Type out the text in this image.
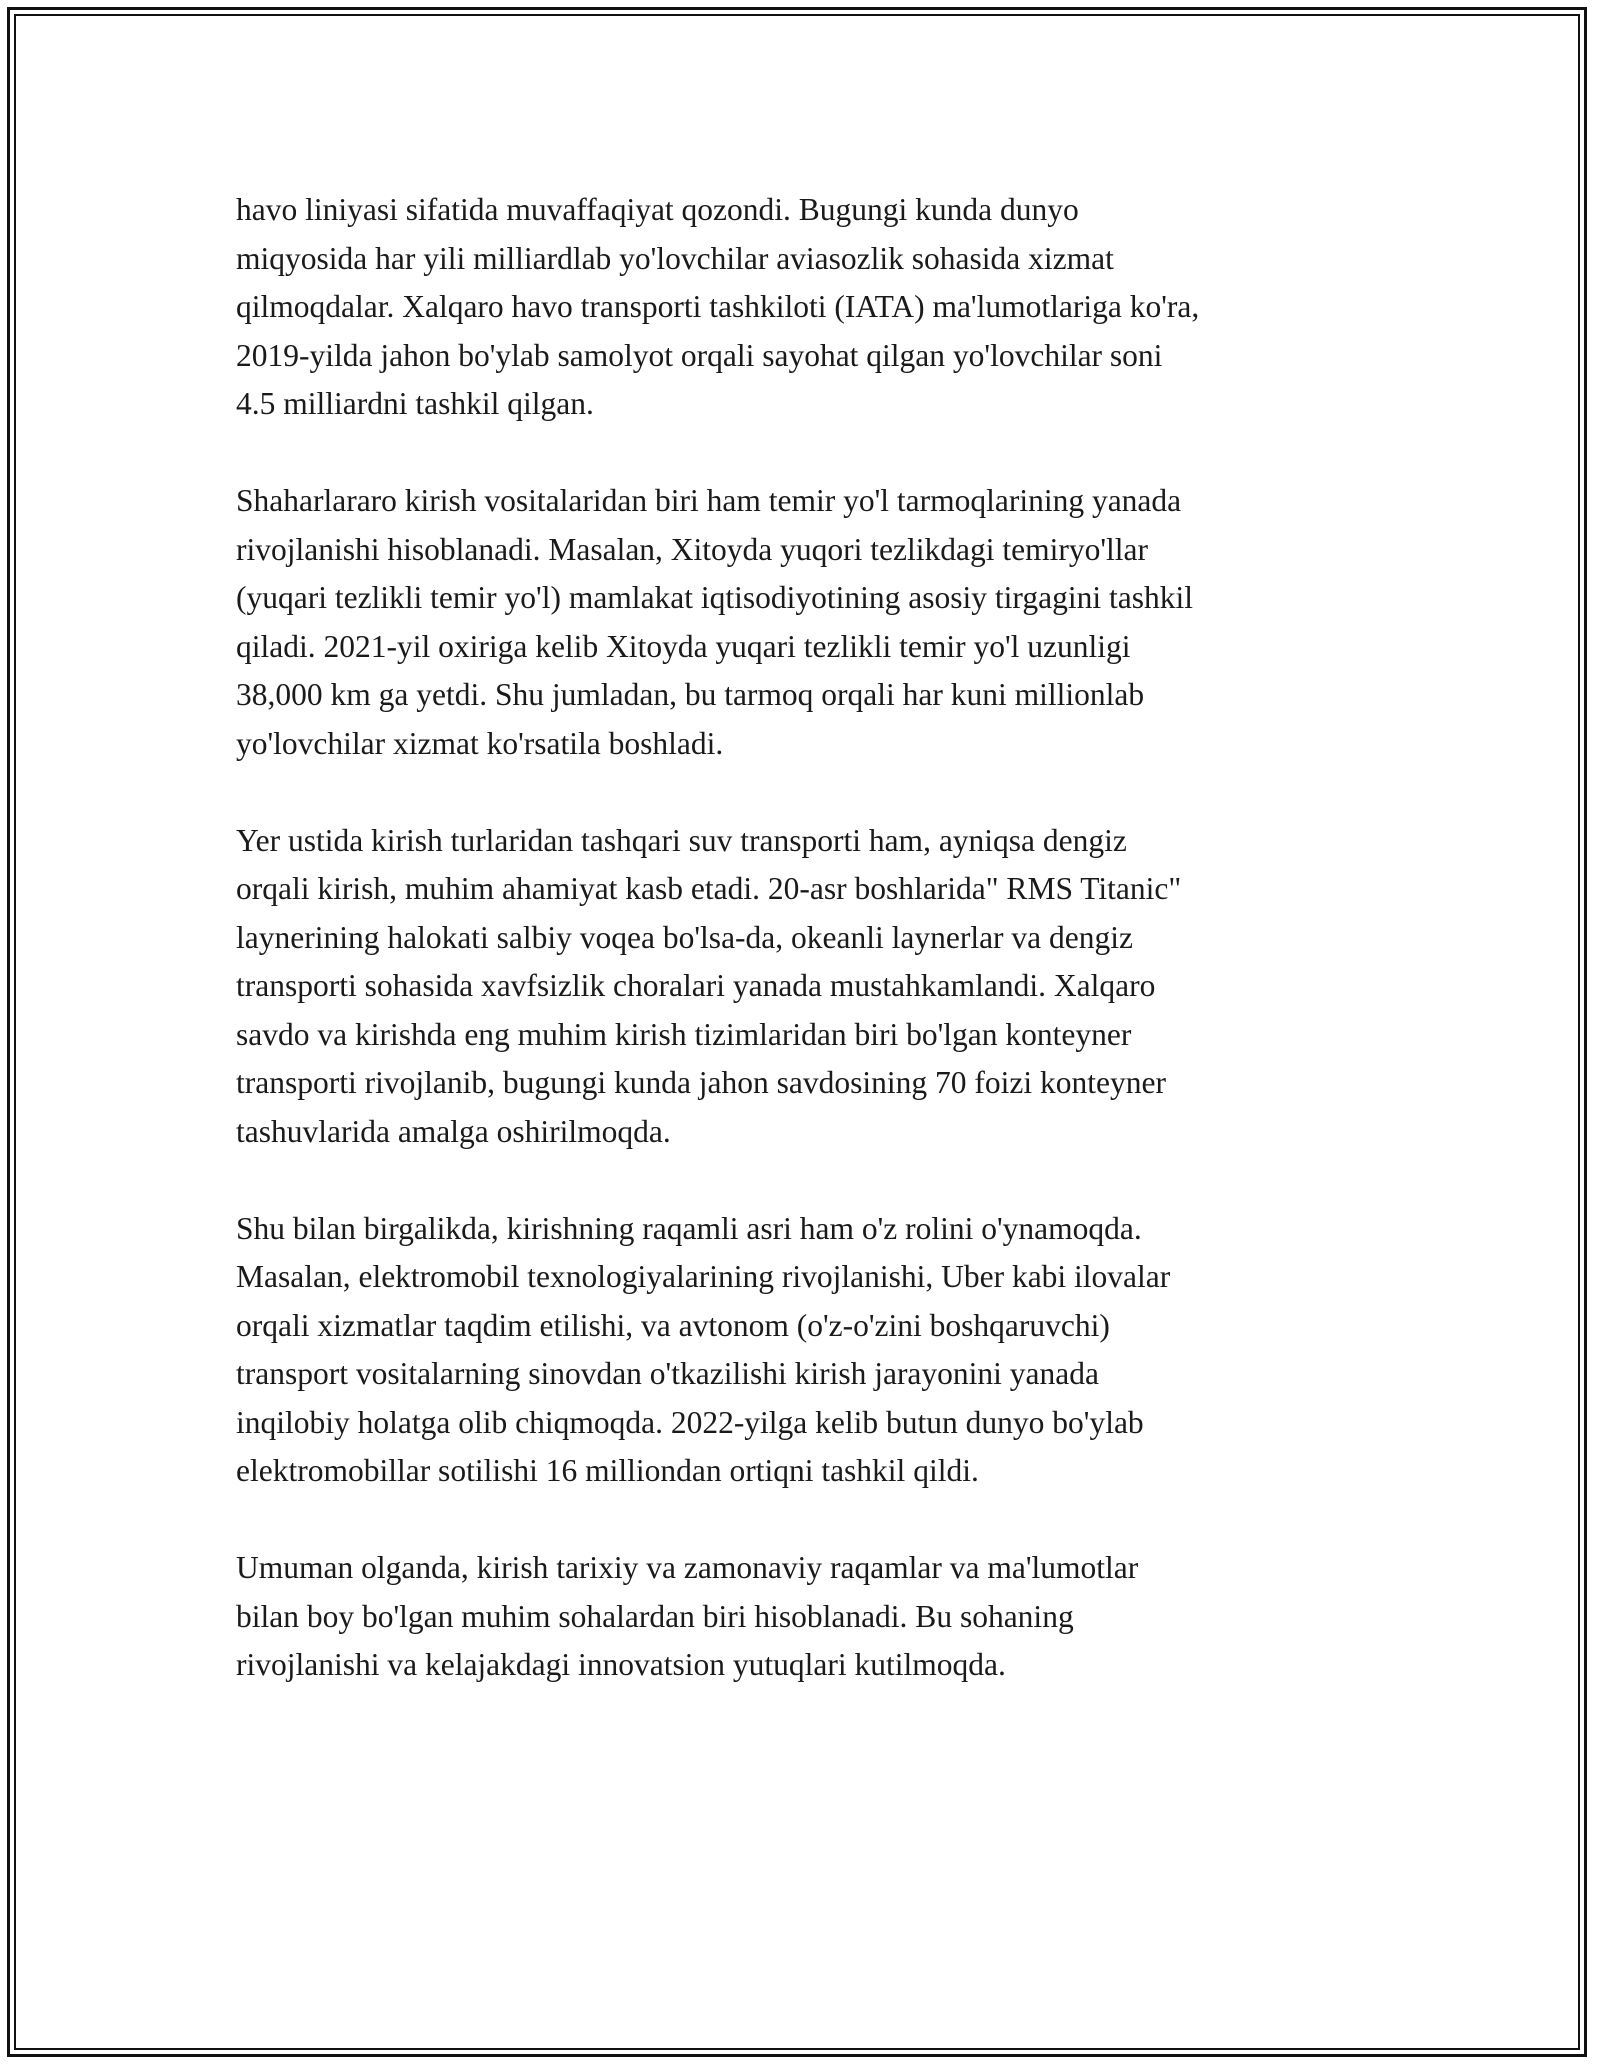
havo liniyasi sifatida muvaffaqiyat qozondi. Bugungi kunda dunyo
miqyosida har yili milliardlab yo'lovchilar aviasozlik sohasida xizmat
qilmoqdalar. Xalqaro havo transporti tashkiloti (IATA) ma'lumotlariga ko'ra,
2019-yilda jahon bo'ylab samolyot orqali sayohat qilgan yo'lovchilar soni
4.5 milliardni tashkil qilgan.

Shaharlararo kirish vositalaridan biri ham temir yo'l tarmoqlarining yanada
rivojlanishi hisoblanadi. Masalan, Xitoyda yuqori tezlikdagi temiryo'llar
(yuqari tezlikli temir yo'l) mamlakat iqtisodiyotining asosiy tirgagini tashkil
qiladi. 2021-yil oxiriga kelib Xitoyda yuqari tezlikli temir yo'l uzunligi
38,000 km ga yetdi. Shu jumladan, bu tarmoq orqali har kuni millionlab
yo'lovchilar xizmat ko'rsatila boshladi.

Yer ustida kirish turlaridan tashqari suv transporti ham, ayniqsa dengiz
orqali kirish, muhim ahamiyat kasb etadi. 20-asr boshlarida" RMS Titanic"
laynerining halokati salbiy voqea bo'lsa-da, okeanli laynerlar va dengiz
transporti sohasida xavfsizlik choralari yanada mustahkamlandi. Xalqaro
savdo va kirishda eng muhim kirish tizimlaridan biri bo'lgan konteyner
transporti rivojlanib, bugungi kunda jahon savdosining 70 foizi konteyner
tashuvlarida amalga oshirilmoqda.

Shu bilan birgalikda, kirishning raqamli asri ham o'z rolini o'ynamoqda.
Masalan, elektromobil texnologiyalarining rivojlanishi, Uber kabi ilovalar
orqali xizmatlar taqdim etilishi, va avtonom (o'z-o'zini boshqaruvchi)
transport vositalarning sinovdan o'tkazilishi kirish jarayonini yanada
inqilobiy holatga olib chiqmoqda. 2022-yilga kelib butun dunyo bo'ylab
elektromobillar sotilishi 16 milliondan ortiqni tashkil qildi.

Umuman olganda, kirish tarixiy va zamonaviy raqamlar va ma'lumotlar
bilan boy bo'lgan muhim sohalardan biri hisoblanadi. Bu sohaning
rivojlanishi va kelajakdagi innovatsion yutuqlari kutilmoqda.
